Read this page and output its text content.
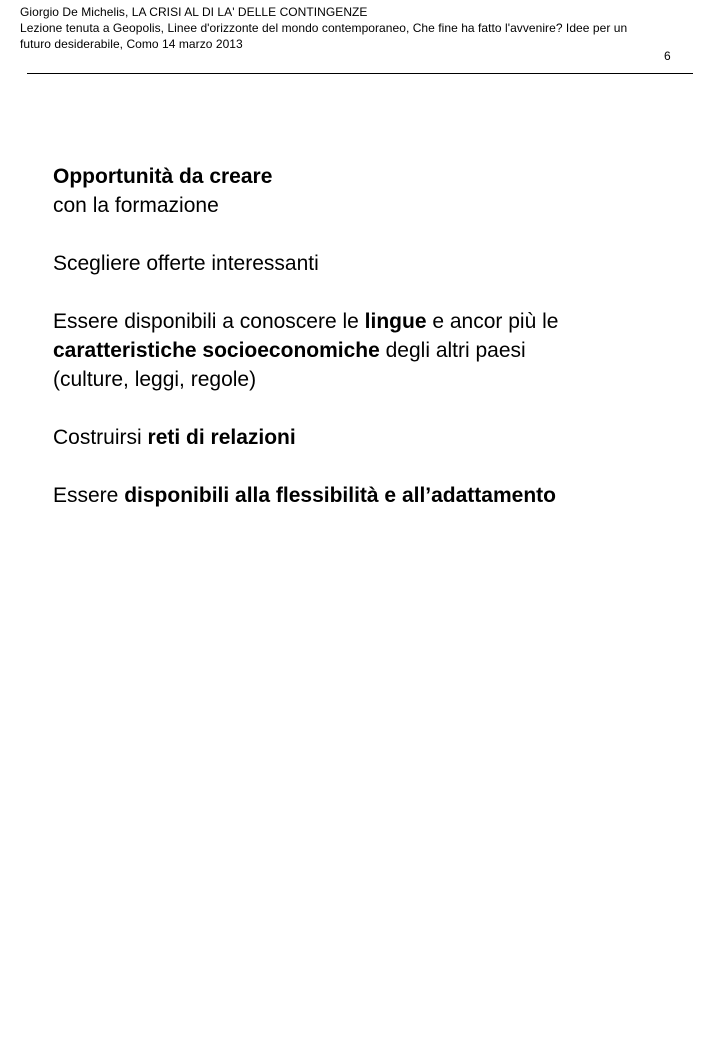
Giorgio De Michelis, LA CRISI AL DI LA' DELLE CONTINGENZE
Lezione tenuta a Geopolis, Linee d'orizzonte del mondo contemporaneo, Che fine ha fatto l'avvenire? Idee per un
futuro desiderabile, Como 14 marzo 2013
6

Opportunità da creare
con la formazione

Scegliere offerte interessanti

Essere disponibili a conoscere le lingue e ancor più le
caratteristiche socioeconomiche degli altri paesi
(culture, leggi, regole)

Costruirsi reti di relazioni

Essere disponibili alla flessibilità e all’adattamento
